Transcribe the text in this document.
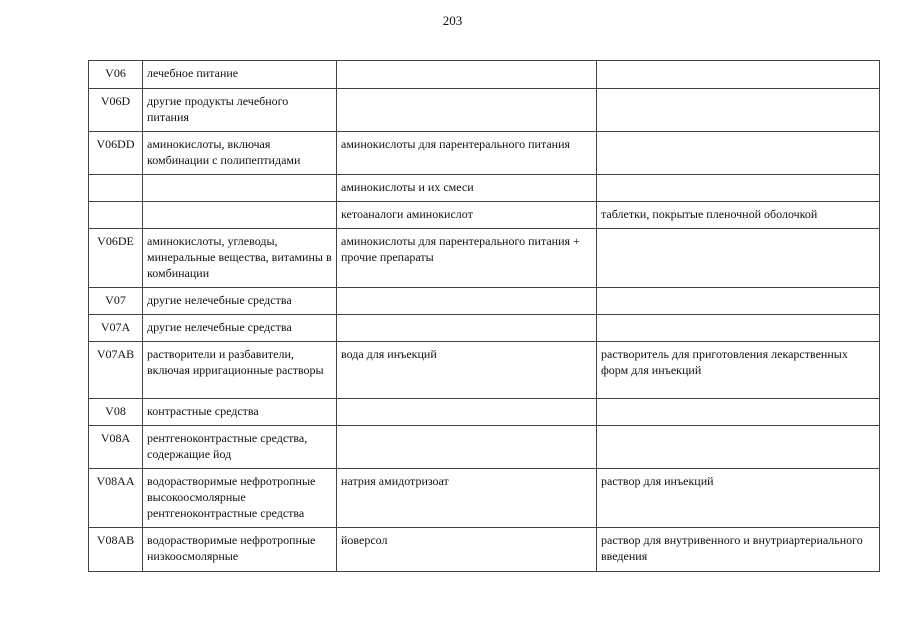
203
V06	лечебное питание		
V06D	другие продукты лечебного питания		
V06DD	аминокислоты, включая комбинации с полипептидами	аминокислоты для парентерального питания	
		аминокислоты и их смеси	
		кетоаналоги аминокислот	таблетки, покрытые пленочной оболочкой
V06DE	аминокислоты, углеводы, минеральные вещества, витамины в комбинации	аминокислоты для парентерального питания + прочие препараты	
V07	другие нелечебные средства		
V07A	другие нелечебные средства		
V07AB	растворители и разбавители, включая ирригационные растворы	вода для инъекций	растворитель для приготовления лекарственных форм для инъекций
V08	контрастные средства		
V08A	рентгеноконтрастные средства, содержащие йод		
V08AA	водорастворимые нефротропные высокоосмолярные рентгеноконтрастные средства	натрия амидотризоат	раствор для инъекций
V08AB	водорастворимые нефротропные низкоосмолярные	йоверсол	раствор для внутривенного и внутриартериального введения
